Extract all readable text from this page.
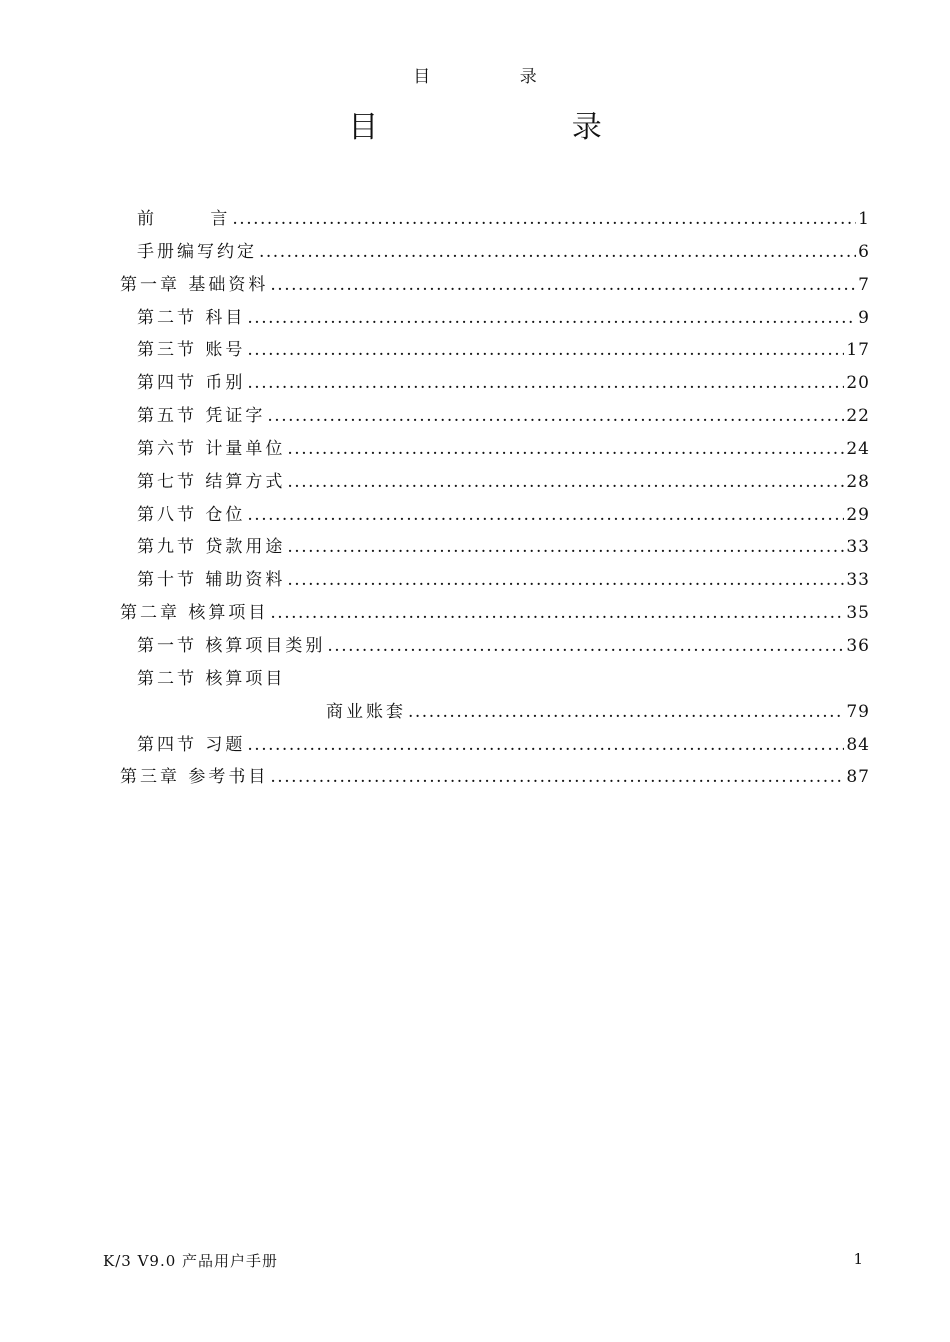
目 录
目 录
前 言 .....	1
手册编写约定 .....	6
第一章 基础资料 .....	7
第二节 科目 .....	9
第三节 账号 .....	17
第四节 币别 .....	20
第五节 凭证字 .....	22
第六节 计量单位 .....	24
第七节 结算方式 .....	28
第八节 仓位 .....	29
第九节 贷款用途 .....	33
第十节 辅助资料 .....	33
第二章 核算项目 .....	35
第一节 核算项目类别 .....	36
第二节 核算项目
商业账套 .....	79
第四节 习题 .....	84
第三章 参考书目 .....	87
K/3 V9.0 产品用户手册	1
